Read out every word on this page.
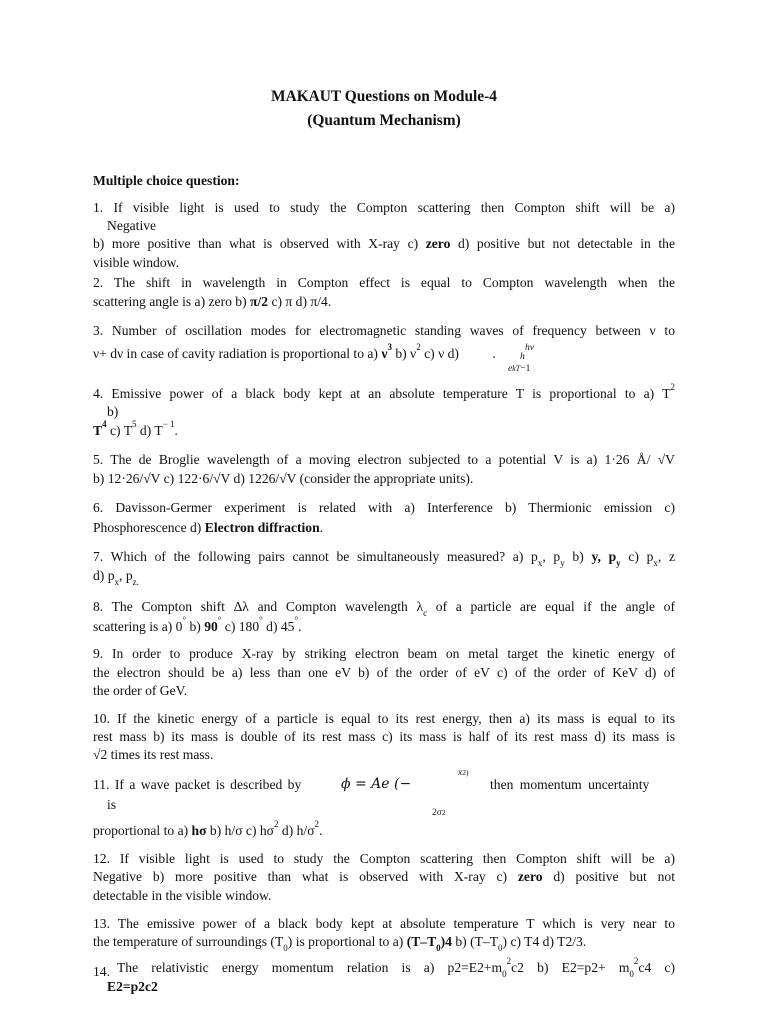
MAKAUT Questions on Module-4
(Quantum Mechanism)
Multiple choice question:
1. If visible light is used to study the Compton scattering then Compton shift will be a)
Negative
b) more positive than what is observed with X-ray c) zero d) positive but not detectable in the
visible window.
2. The shift in wavelength in Compton effect is equal to Compton wavelength when the
scattering angle is a) zero b) π/2 c) π d) π/4.
3. Number of oscillation modes for electromagnetic standing waves of frequency between ν to
ν+ dν in case of cavity radiation is proportional to a) $\nu^3$ b) $\nu^2$ c) ν d) .	hν
h
ekT−1
4. Emissive power of a black body kept at an absolute temperature T is proportional to a) $T^2$
b)
$T^4$ c) $T^5$ d) $T^{- 1}$.
5. The de Broglie wavelength of a moving electron subjected to a potential V is a) 1·26 Å/ √V
b) 12·26/√V c) 122·6/√V d) 1226/√V (consider the appropriate units).
6. Davisson-Germer experiment is related with a) Interference b) Thermionic emission c)
Phosphorescence d) Electron diffraction.
7. Which of the following pairs cannot be simultaneously measured? a) $p_x$, $p_y$ b) y, $p_y$ c) $p_x$, z
d) $p_x$, $p_{z.}$
8. The Compton shift Δλ and Compton wavelength $\lambda_c$ of a particle are equal if the angle of
scattering is a) 0° b) 90° c) 180° d) 45°.
9. In order to produce X-ray by striking electron beam on metal target the kinetic energy of
the electron should be a) less than one eV b) of the order of eV c) of the order of KeV d) of
the order of GeV.
10. If the kinetic energy of a particle is equal to its rest energy, then a) its mass is equal to its
rest mass b) its mass is double of its rest mass c) its mass is half of its rest mass d) its mass is
√2 times its rest mass.
11. If a wave packet is described by	ϕ = Ae (−
$x^{2)}$
2σ2
then momentum uncertainty
is
proportional to a) hσ b) h/σ c) $h\sigma^2$ d) $h/\sigma^2$.
12. If visible light is used to study the Compton scattering then Compton shift will be a)
Negative b) more positive than what is observed with X-ray c) zero d) positive but not
detectable in the visible window.
13. The emissive power of a black body kept at absolute temperature T which is very near to
the temperature of surroundings $(T_0)$ is proportional to a) $(T-T_0)4$ b) $(T-T_0)$ c) T4 d) T2/3.
14. The relativistic energy momentum relation is a) $p2=E2+m_0^2c2$ b) $E2=p2+ m_0^2c4$ c)
E2=p2c2
